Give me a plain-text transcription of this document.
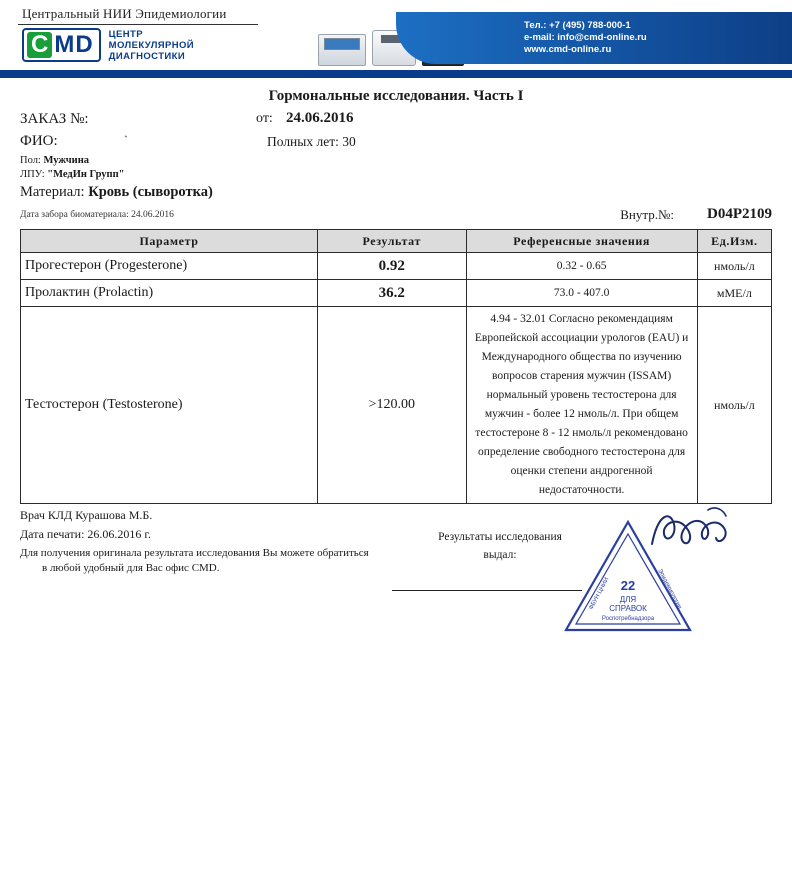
Центральный НИИ Эпидемиологии
C MD ЦЕНТР
МОЛЕКУЛЯРНОЙ
ДИАГНОСТИКИ
Тел.: +7 (495) 788-000-1
e-mail: info@cmd-online.ru
www.cmd-online.ru
Гормональные исследования. Часть I
ЗАКАЗ №:	от: 24.06.2016
ФИО:	`	Полных лет: 30
Пол: Мужчина
ЛПУ: "МедИн Групп"
Материал: Кровь (сыворотка)
Дата забора биоматериала: 24.06.2016	Внутр.№: D04P2109
Параметр	Результат	Референсные значения	Ед.Изм.
Прогестерон (Progesterone)	0.92	0.32 - 0.65	нмоль/л
Пролактин (Prolactin)	36.2	73.0 - 407.0	мМЕ/л
Тестостерон (Testosterone)	>120.00	4.94 - 32.01 Согласно рекомендациям Европейской ассоциации урологов (EAU) и Международного общества по изучению вопросов старения мужчин (ISSAM) нормальный уровень тестостерона для мужчин - более 12 нмоль/л. При общем тестостероне 8 - 12 нмоль/л рекомендовано определение свободного тестостерона для оценки степени андрогенной недостаточности.	нмоль/л
Врач КЛД Курашова М.Б.
Дата печати: 26.06.2016 г.
Для получения оригинала результата исследования Вы можете обратиться
в любой удобный для Вас офис CMD.
Результаты исследования
выдал:
22
ДЛЯ
СПРАВОК
Роспотребнадзора
ФБУН ЦНИИ	Эпидемиологии
